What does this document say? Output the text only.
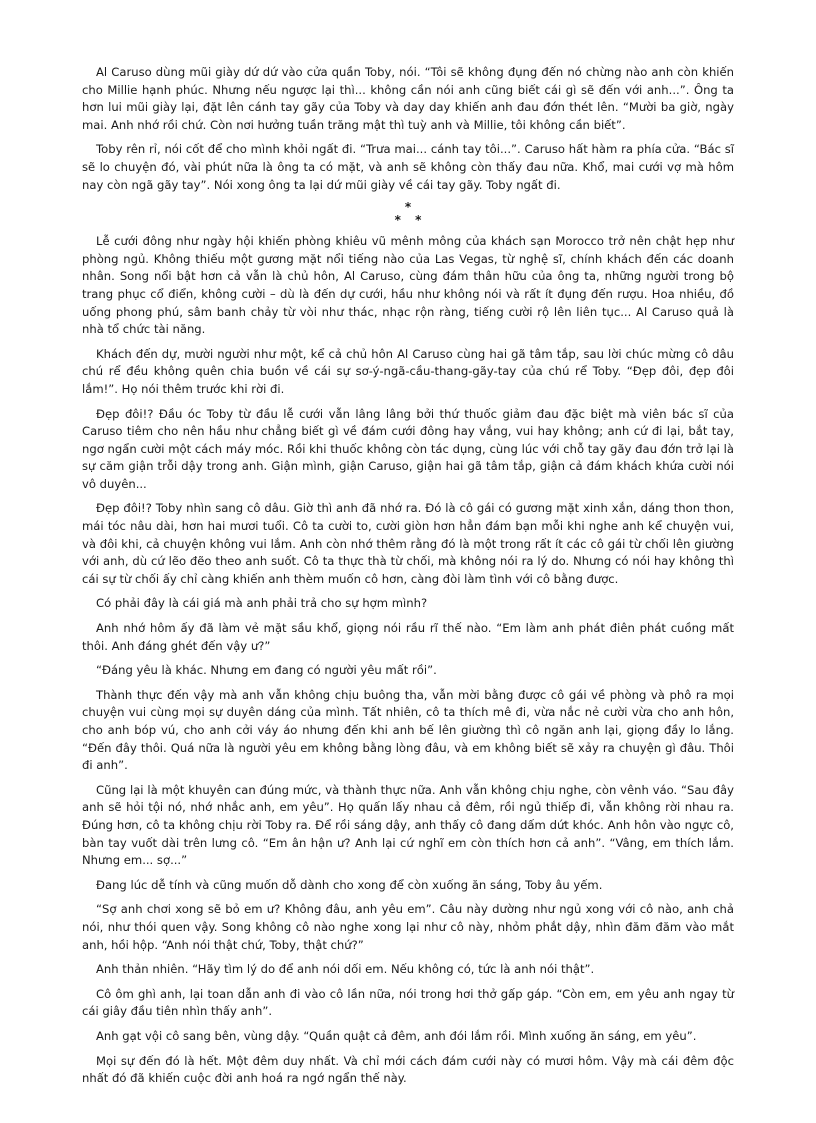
Al Caruso dùng mũi giày dứ dứ vào cửa quần Toby, nói. “Tôi sẽ không đụng đến nó chừng nào anh còn khiến cho Millie hạnh phúc. Nhưng nếu ngược lại thì... không cần nói anh cũng biết cái gì sẽ đến với anh...”. Ông ta hơn lui mũi giày lại, đặt lên cánh tay gãy của Toby và day day khiến anh đau đớn thét lên. “Mười ba giờ, ngày mai. Anh nhớ rồi chứ. Còn nơi hưởng tuần trăng mật thì tuỳ anh và Millie, tôi không cần biết”.

Toby rên rỉ, nói cốt để cho mình khỏi ngất đi. “Trưa mai... cánh tay tôi...”. Caruso hất hàm ra phía cửa. “Bác sĩ sẽ lo chuyện đó, vài phút nữa là ông ta có mặt, và anh sẽ không còn thấy đau nữa. Khổ, mai cưới vợ mà hôm nay còn ngã gãy tay”. Nói xong ông ta lại dứ mũi giày về cái tay gãy. Toby ngất đi.

*
* *

Lễ cưới đông như ngày hội khiến phòng khiêu vũ mênh mông của khách sạn Morocco trở nên chật hẹp như phòng ngủ. Không thiếu một gương mặt nổi tiếng nào của Las Vegas, từ nghệ sĩ, chính khách đến các doanh nhân. Song nổi bật hơn cả vẫn là chủ hôn, Al Caruso, cùng đám thân hữu của ông ta, những người trong bộ trang phục cổ điển, không cười – dù là đến dự cưới, hầu như không nói và rất ít đụng đến rượu. Hoa nhiều, đồ uống phong phú, sâm banh chảy từ vòi như thác, nhạc rộn ràng, tiếng cười rộ lên liên tục... Al Caruso quả là nhà tổ chức tài năng.

Khách đến dự, mười người như một, kể cả chủ hôn Al Caruso cùng hai gã tâm tắp, sau lời chúc mừng cô dâu chú rể đều không quên chia buồn về cái sự sơ-ý-ngã-cầu-thang-gãy-tay của chú rể Toby. “Đẹp đôi, đẹp đôi lắm!”. Họ nói thêm trước khi rời đi.

Đẹp đôi!? Đầu óc Toby từ đầu lễ cưới vẫn lâng lâng bởi thứ thuốc giảm đau đặc biệt mà viên bác sĩ của Caruso tiêm cho nên hầu như chẳng biết gì về đám cưới đông hay vắng, vui hay không; anh cứ đi lại, bắt tay, ngơ ngẩn cười một cách máy móc. Rồi khi thuốc không còn tác dụng, cùng lúc với chỗ tay gãy đau đớn trở lại là sự căm giận trỗi dậy trong anh. Giận mình, giận Caruso, giận hai gã tâm tắp, giận cả đám khách khứa cười nói vô duyên...

Đẹp đôi!? Toby nhìn sang cô dâu. Giờ thì anh đã nhớ ra. Đó là cô gái có gương mặt xinh xắn, dáng thon thon, mái tóc nâu dài, hơn hai mươi tuổi. Cô ta cười to, cười giòn hơn hẳn đám bạn mỗi khi nghe anh kể chuyện vui, và đôi khi, cả chuyện không vui lắm. Anh còn nhớ thêm rằng đó là một trong rất ít các cô gái từ chối lên giường với anh, dù cứ lẽo đẽo theo anh suốt. Cô ta thực thà từ chối, mà không nói ra lý do. Nhưng có nói hay không thì cái sự từ chối ấy chỉ càng khiến anh thèm muốn cô hơn, càng đòi làm tình với cô bằng được.

Có phải đây là cái giá mà anh phải trả cho sự hợm mình?

Anh nhớ hôm ấy đã làm vẻ mặt sầu khổ, giọng nói rầu rĩ thế nào. “Em làm anh phát điên phát cuồng mất thôi. Anh đáng ghét đến vậy ư?”

“Đáng yêu là khác. Nhưng em đang có người yêu mất rồi”.

Thành thực đến vậy mà anh vẫn không chịu buông tha, vẫn mời bằng được cô gái về phòng và phô ra mọi chuyện vui cùng mọi sự duyên dáng của mình. Tất nhiên, cô ta thích mê đi, vừa nắc nẻ cười vừa cho anh hôn, cho anh bóp vú, cho anh cởi váy áo nhưng đến khi anh bế lên giường thì cô ngăn anh lại, giọng đầy lo lắng. “Đến đây thôi. Quá nữa là người yêu em không bằng lòng đâu, và em không biết sẽ xảy ra chuyện gì đâu. Thôi đi anh”.

Cũng lại là một khuyên can đúng mức, và thành thực nữa. Anh vẫn không chịu nghe, còn vênh váo. “Sau đây anh sẽ hỏi tội nó, nhớ nhắc anh, em yêu”. Họ quấn lấy nhau cả đêm, rồi ngủ thiếp đi, vẫn không rời nhau ra. Đúng hơn, cô ta không chịu rời Toby ra. Để rồi sáng dậy, anh thấy cô đang dấm dứt khóc. Anh hôn vào ngực cô, bàn tay vuốt dài trên lưng cô. “Em ân hận ư? Anh lại cứ nghĩ em còn thích hơn cả anh”. “Vâng, em thích lắm. Nhưng em... sợ...”

Đang lúc dễ tính và cũng muốn dỗ dành cho xong để còn xuống ăn sáng, Toby âu yếm.

“Sợ anh chơi xong sẽ bỏ em ư? Không đâu, anh yêu em”. Câu này dường như ngủ xong với cô nào, anh chả nói, như thói quen vậy. Song không cô nào nghe xong lại như cô này, nhỏm phắt dậy, nhìn đăm đăm vào mắt anh, hồi hộp. “Anh nói thật chứ, Toby, thật chứ?”

Anh thản nhiên. “Hãy tìm lý do để anh nói dối em. Nếu không có, tức là anh nói thật”.

Cô ôm ghì anh, lại toan dẫn anh đi vào cô lần nữa, nói trong hơi thở gấp gáp. “Còn em, em yêu anh ngay từ cái giây đầu tiên nhìn thấy anh”.

Anh gạt vội cô sang bên, vùng dậy. “Quần quật cả đêm, anh đói lắm rồi. Mình xuống ăn sáng, em yêu”.

Mọi sự đến đó là hết. Một đêm duy nhất. Và chỉ mới cách đám cưới này có mươi hôm. Vậy mà cái đêm độc nhất đó đã khiến cuộc đời anh hoá ra ngớ ngẩn thế này.
